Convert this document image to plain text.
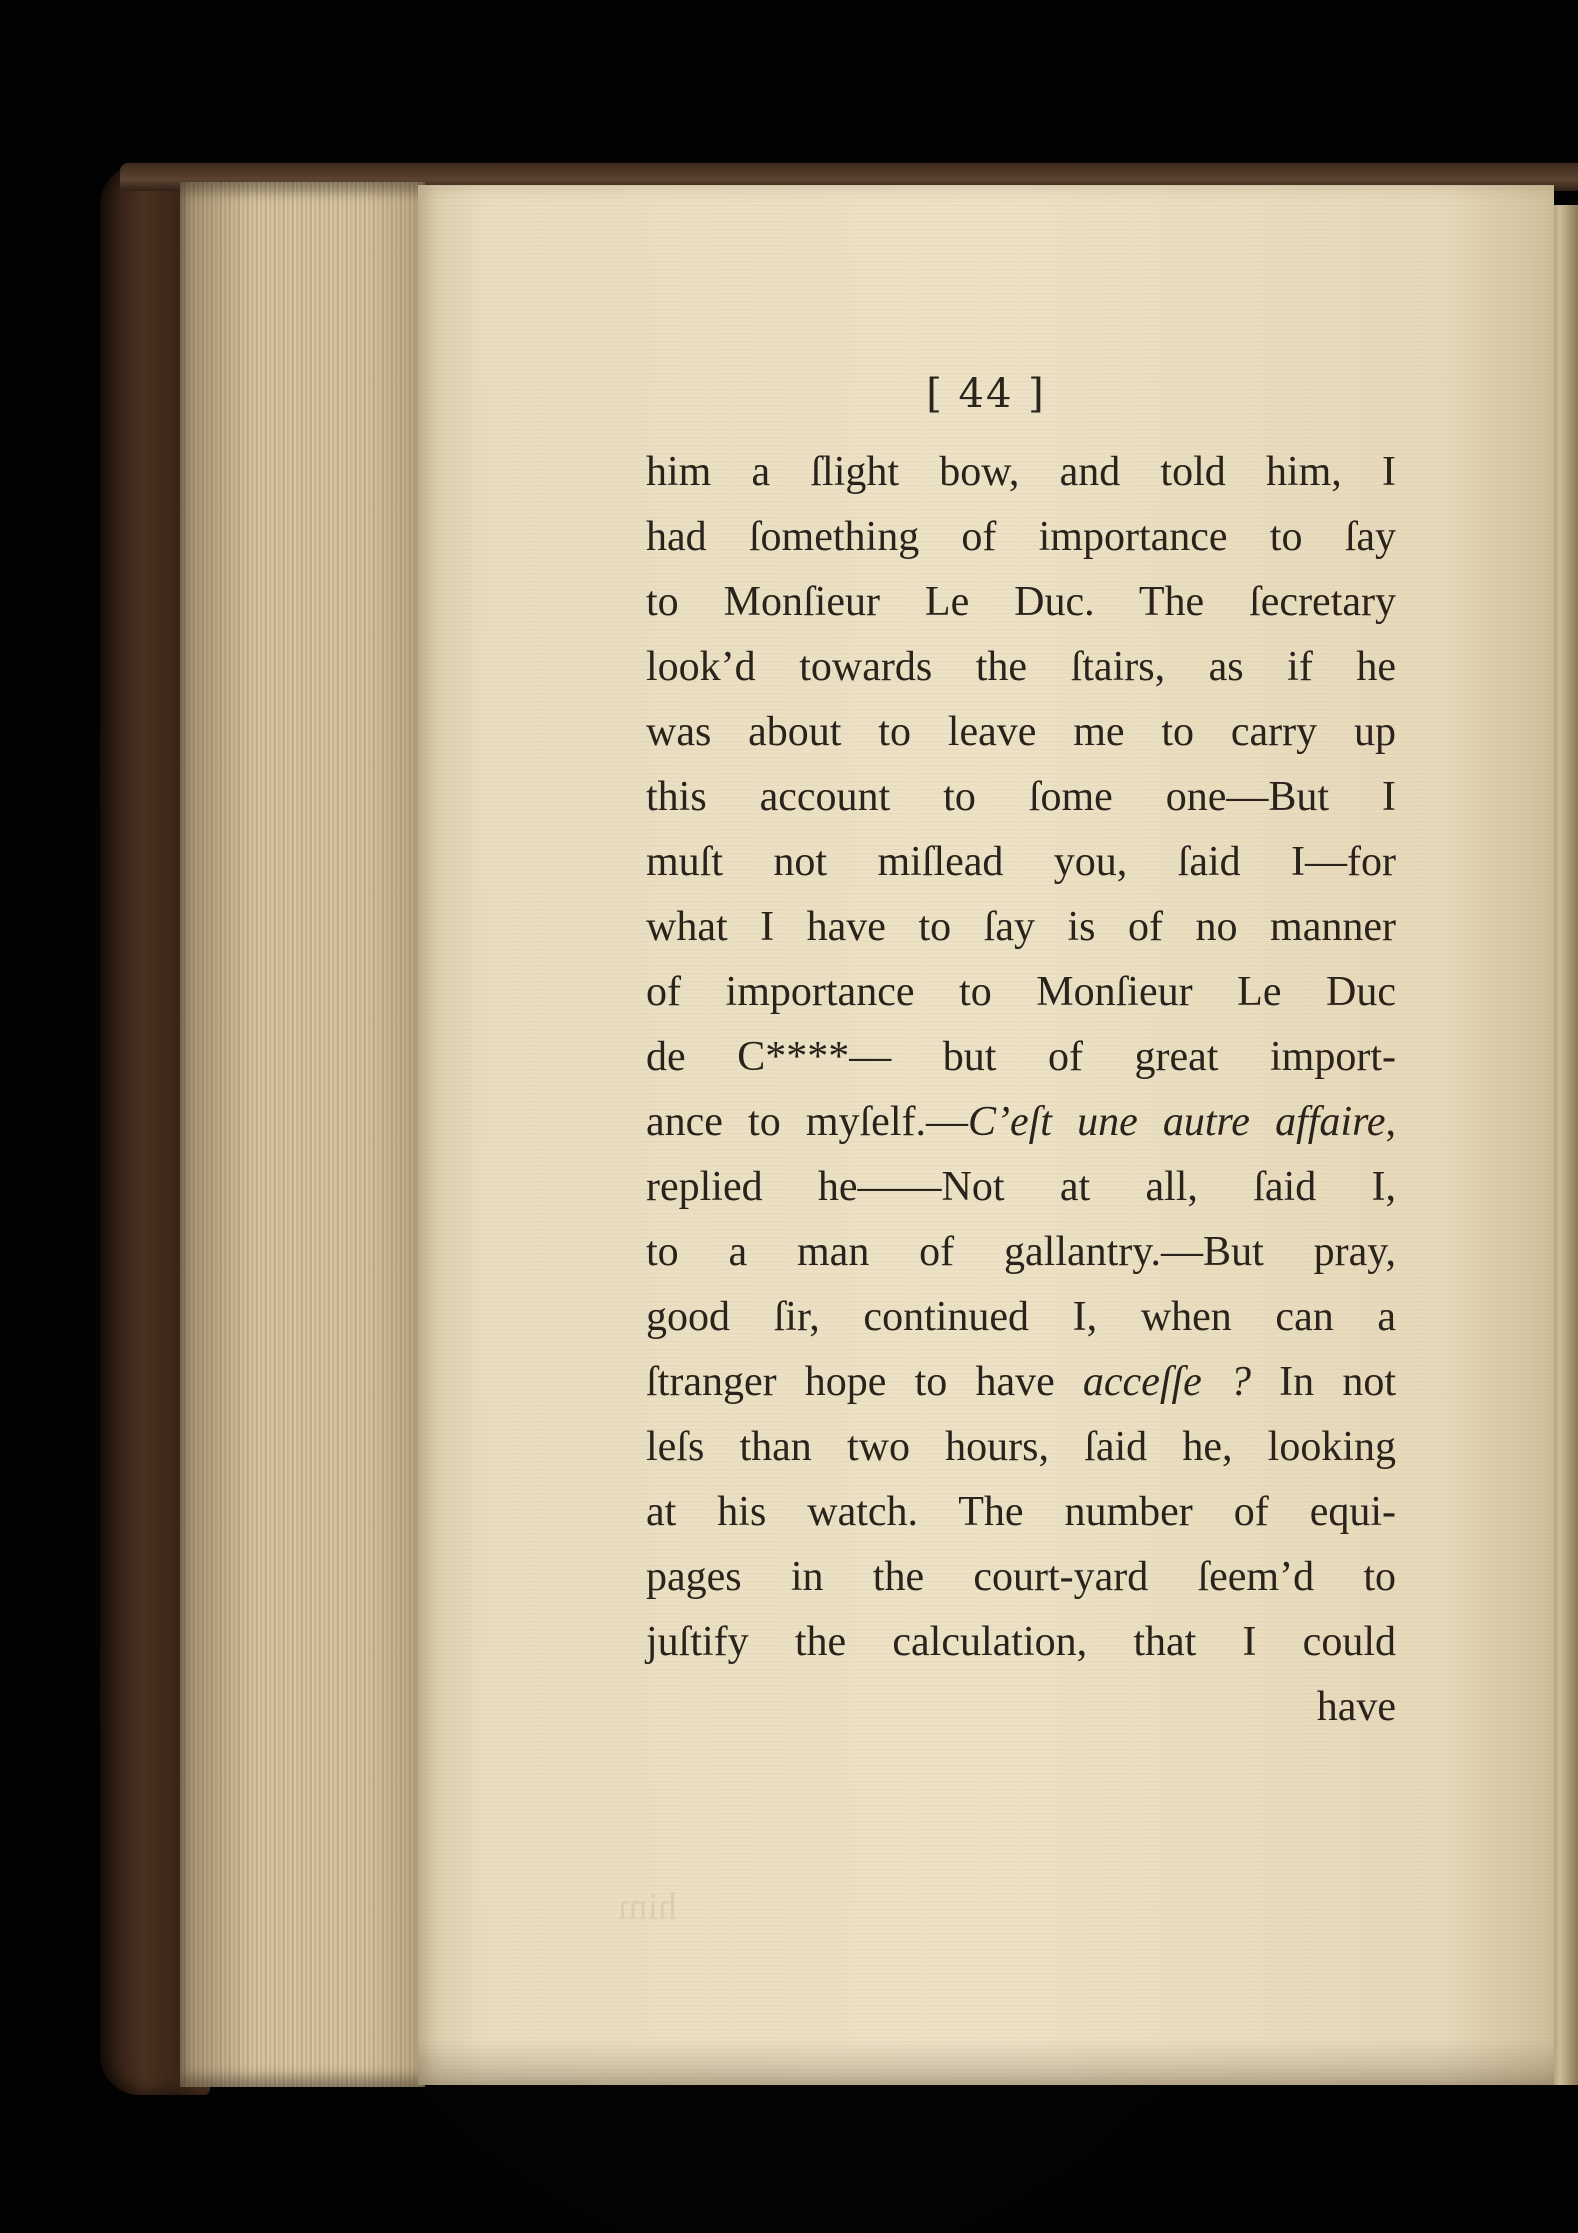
[ 44 ]
him
him a ſlight bow, and told him, I
had ſomething of importance to ſay
to Monſieur Le Duc. The ſecretary
look’d towards the ſtairs, as if he
was about to leave me to carry up
this account to ſome one—But I
muſt not miſlead you, ſaid I—for
what I have to ſay is of no manner
of importance to Monſieur Le Duc
de C****— but of great import-
ance to myſelf.—C’eſt une autre affaire,
replied he——Not at all, ſaid I,
to a man of gallantry.—But pray,
good ſir, continued I, when can a
ſtranger hope to have acceſſe ? In not
leſs than two hours, ſaid he, looking
at his watch. The number of equi-
pages in the court-yard ſeem’d to
juſtify the calculation, that I could
have
